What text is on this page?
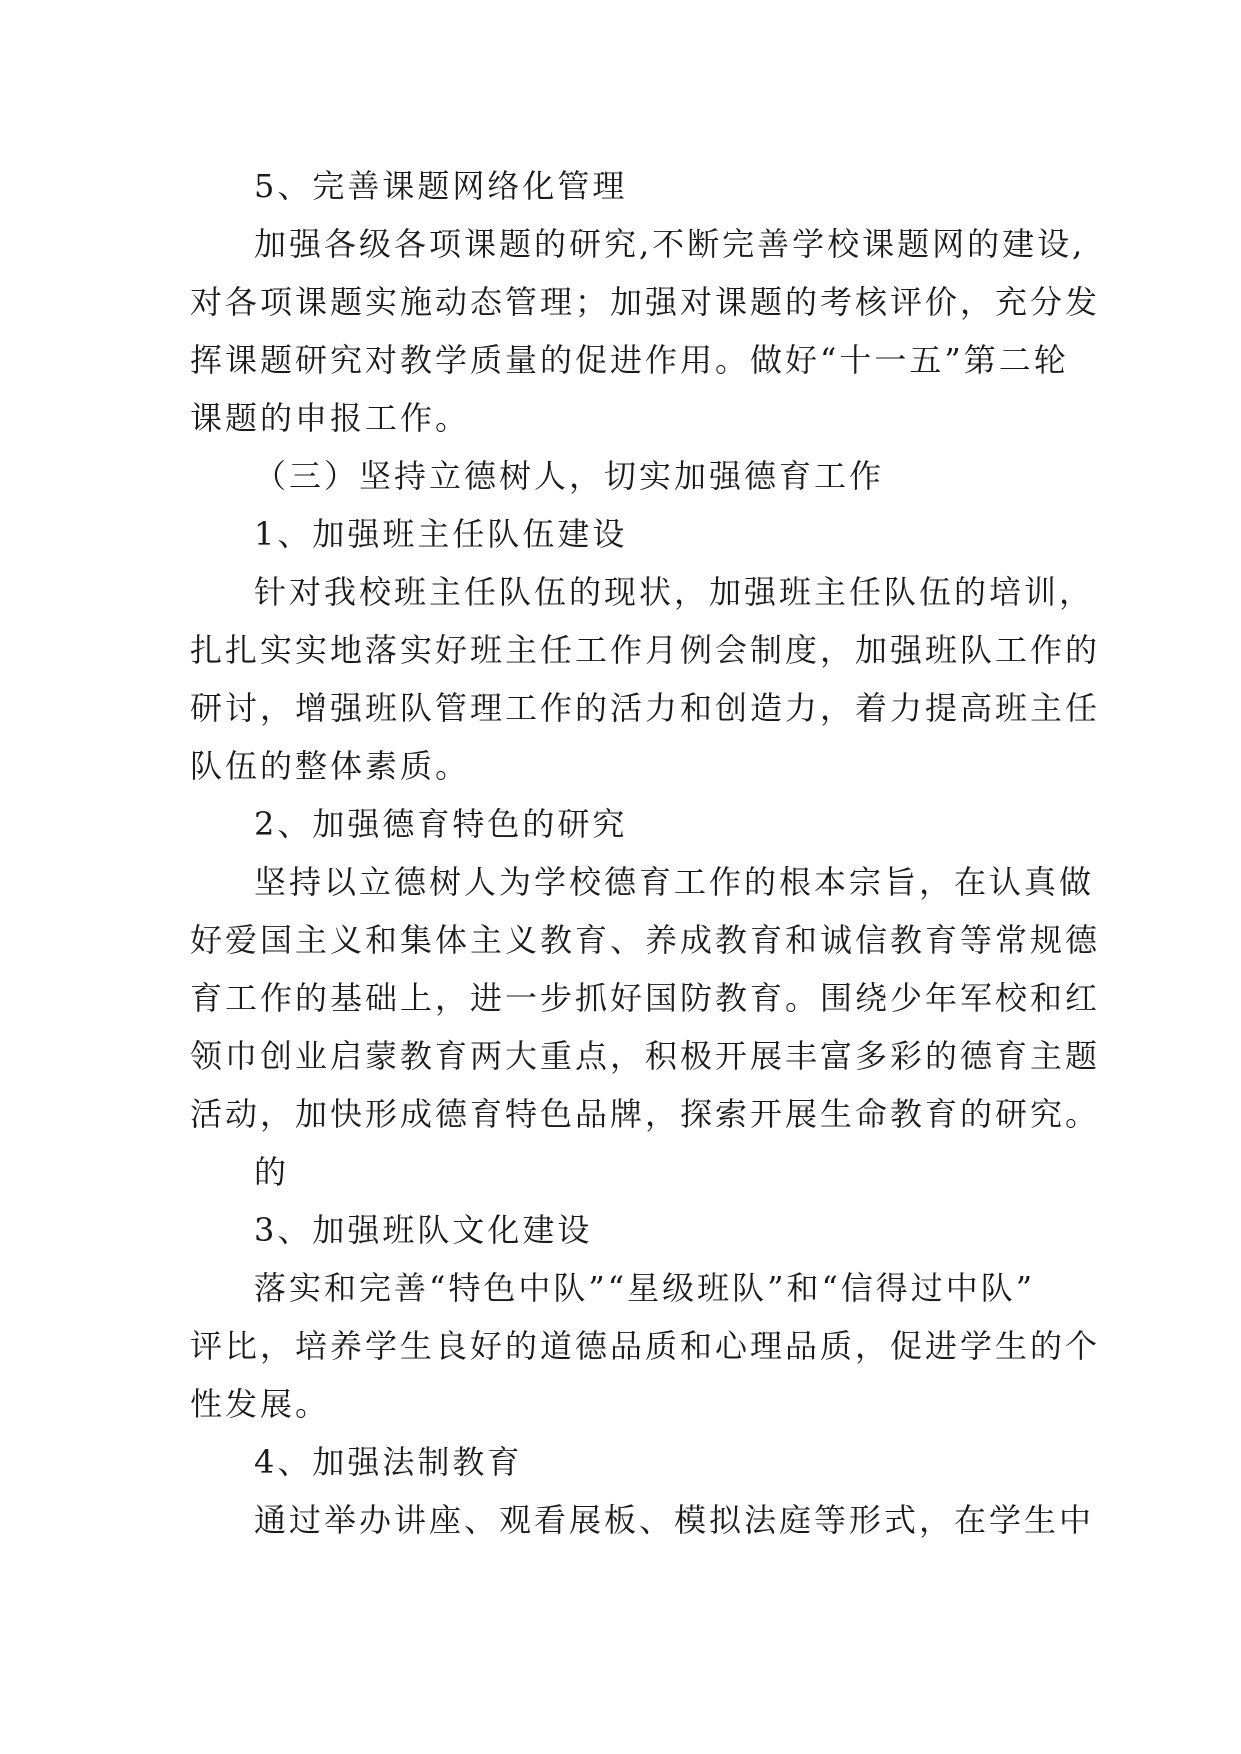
5、完善课题网络化管理
加强各级各项课题的研究,不断完善学校课题网的建设,
对各项课题实施动态管理；加强对课题的考核评价，充分发
挥课题研究对教学质量的促进作用。做好“十一五”第二轮
课题的申报工作。
（三）坚持立德树人，切实加强德育工作
1、加强班主任队伍建设
针对我校班主任队伍的现状，加强班主任队伍的培训，
扎扎实实地落实好班主任工作月例会制度，加强班队工作的
研讨，增强班队管理工作的活力和创造力，着力提高班主任
队伍的整体素质。
2、加强德育特色的研究
坚持以立德树人为学校德育工作的根本宗旨，在认真做
好爱国主义和集体主义教育、养成教育和诚信教育等常规德
育工作的基础上，进一步抓好国防教育。围绕少年军校和红
领巾创业启蒙教育两大重点，积极开展丰富多彩的德育主题
活动，加快形成德育特色品牌，探索开展生命教育的研究。
的
3、加强班队文化建设
落实和完善“特色中队”“星级班队”和“信得过中队”
评比，培养学生良好的道德品质和心理品质，促进学生的个
性发展。
4、加强法制教育
通过举办讲座、观看展板、模拟法庭等形式，在学生中
